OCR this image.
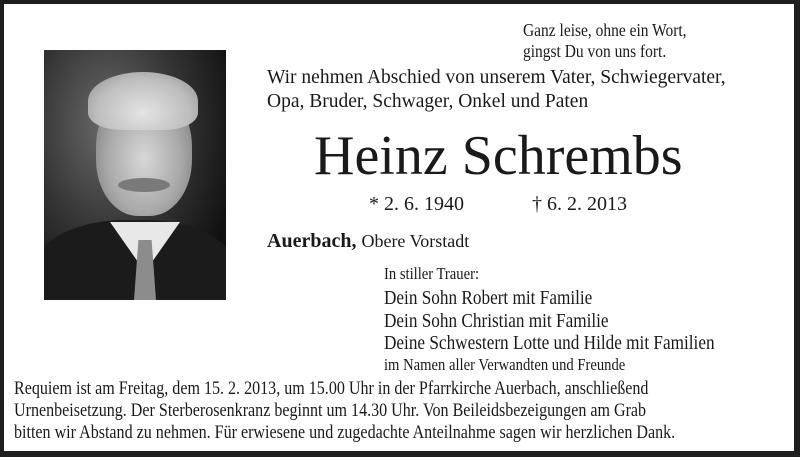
Ganz leise, ohne ein Wort,
gingst Du von uns fort.
Wir nehmen Abschied von unserem Vater, Schwiegervater,
Opa, Bruder, Schwager, Onkel und Paten
Heinz Schrembs
* 2. 6. 1940	† 6. 2. 2013
Auerbach, Obere Vorstadt
In stiller Trauer:
Dein Sohn Robert mit Familie
Dein Sohn Christian mit Familie
Deine Schwestern Lotte und Hilde mit Familien
im Namen aller Verwandten und Freunde
Requiem ist am Freitag, dem 15. 2. 2013, um 15.00 Uhr in der Pfarrkirche Auerbach, anschließend
Urnenbeisetzung. Der Sterberosenkranz beginnt um 14.30 Uhr. Von Beileidsbezeigungen am Grab
bitten wir Abstand zu nehmen. Für erwiesene und zugedachte Anteilnahme sagen wir herzlichen Dank.
